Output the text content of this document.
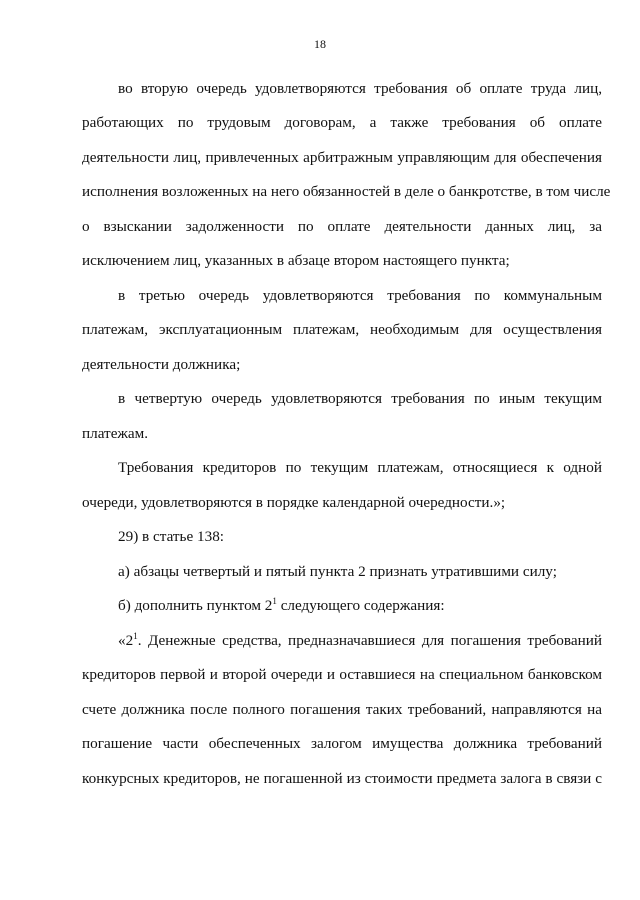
18
во вторую очередь удовлетворяются требования об оплате труда лиц,
работающих по трудовым договорам, а также требования об оплате
деятельности лиц, привлеченных арбитражным управляющим для обеспечения
исполнения возложенных на него обязанностей в деле о банкротстве, в том числе
о взыскании задолженности по оплате деятельности данных лиц, за
исключением лиц, указанных в абзаце втором настоящего пункта;
в третью очередь удовлетворяются требования по коммунальным
платежам, эксплуатационным платежам, необходимым для осуществления
деятельности должника;
в четвертую очередь удовлетворяются требования по иным текущим
платежам.
Требования кредиторов по текущим платежам, относящиеся к одной
очереди, удовлетворяются в порядке календарной очередности.»;
29) в статье 138:
а) абзацы четвертый и пятый пункта 2 признать утратившими силу;
б) дополнить пунктом $2^1$ следующего содержания:
«$2^1$. Денежные средства, предназначавшиеся для погашения требований
кредиторов первой и второй очереди и оставшиеся на специальном банковском
счете должника после полного погашения таких требований, направляются на
погашение части обеспеченных залогом имущества должника требований
конкурсных кредиторов, не погашенной из стоимости предмета залога в связи с
